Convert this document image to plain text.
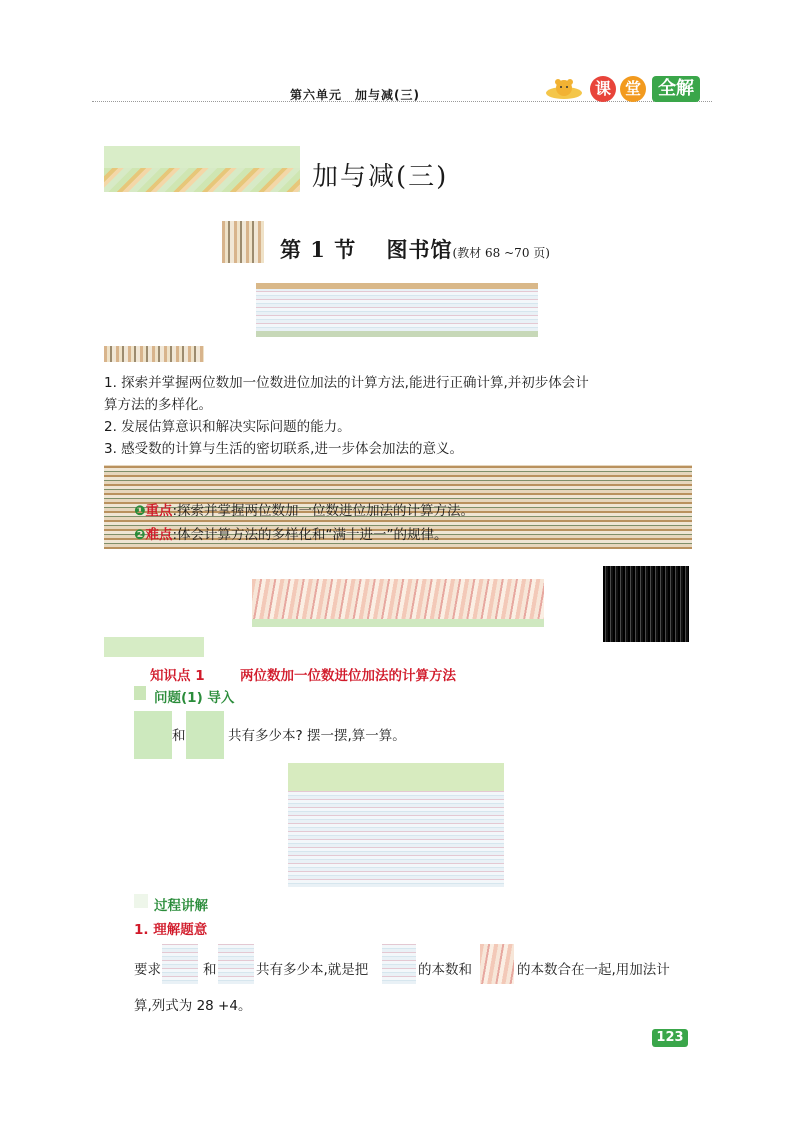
第六单元　加与减(三)	课 堂 全解
加与减(三)
第 1 节　 图书馆(教材 68 ~70 页)
1. 探索并掌握两位数加一位数进位加法的计算方法,能进行正确计算,并初步体会计
算方法的多样化。
2. 发展估算意识和解决实际问题的能力。
3. 感受数的计算与生活的密切联系,进一步体会加法的意义。
❶重点:探索并掌握两位数加一位数进位加法的计算方法。
❷难点:体会计算方法的多样化和“满十进一”的规律。
知识点 1	两位数加一位数进位加法的计算方法
问题(1) 导入
和	共有多少本? 摆一摆,算一算。
过程讲解
1. 理解题意
要求	和	共有多少本,就是把	的本数和	的本数合在一起,用加法计
算,列式为 28 +4。
123
